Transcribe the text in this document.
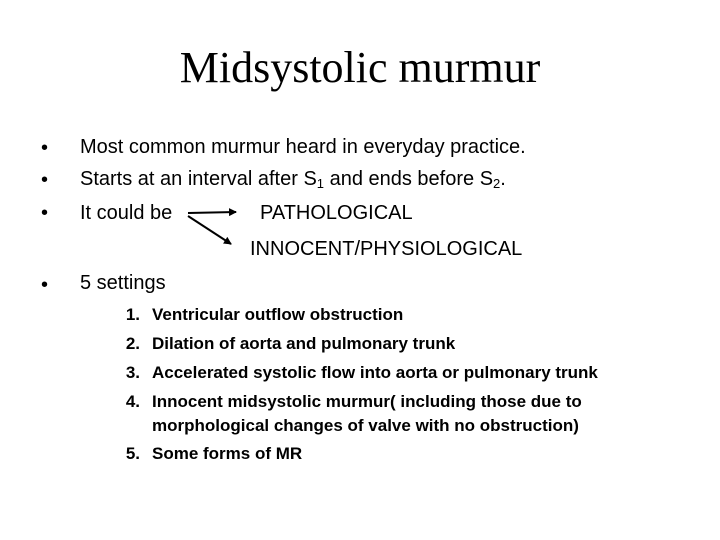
Midsystolic murmur
• Most common murmur heard in everyday practice.
• Starts at an interval after $S_1$ and ends before $S_2$.
• It could be	PATHOLOGICAL
INNOCENT/PHYSIOLOGICAL
• 5 settings
1. Ventricular outflow obstruction
2. Dilation of aorta and pulmonary trunk
3. Accelerated systolic flow into aorta or pulmonary trunk
4. Innocent midsystolic murmur( including those due to
morphological changes of valve with no obstruction)
5. Some forms of MR
